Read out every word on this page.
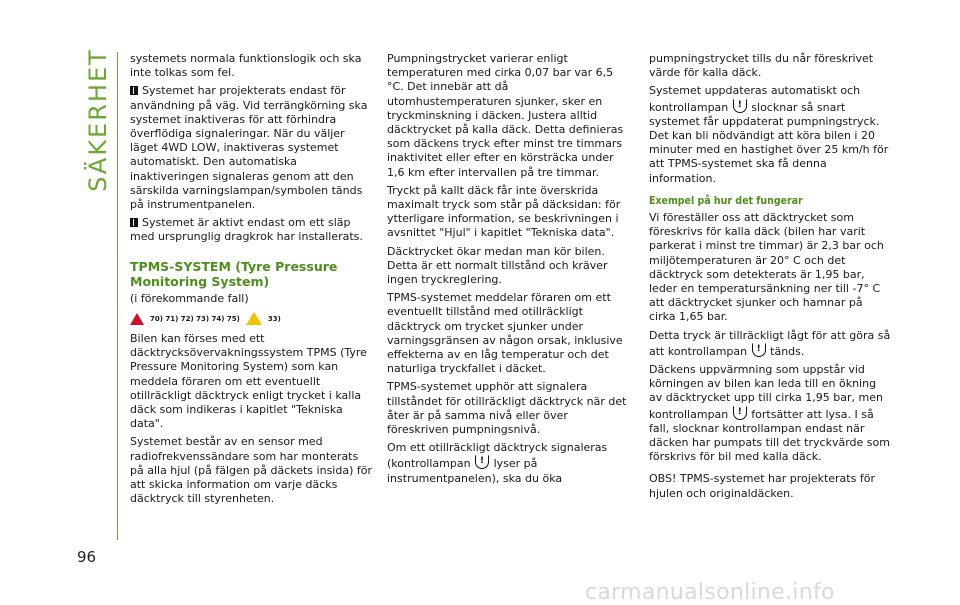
SÄKERHET
96

systemets normala funktionslogik och ska inte tolkas som fel.

Systemet har projekterats endast för användning på väg. Vid terrängkörning ska systemet inaktiveras för att förhindra överflödiga signaleringar. När du väljer läget 4WD LOW, inaktiveras systemet automatiskt. Den automatiska inaktiveringen signaleras genom att den särskilda varningslampan/symbolen tänds på instrumentpanelen.

Systemet är aktivt endast om ett släp med ursprunglig dragkrok har installerats.

TPMS-SYSTEM (Tyre Pressure Monitoring System)

(i förekommande fall)

70) 71) 72) 73) 74) 75)	33)

Bilen kan förses med ett däcktrycksövervakningssystem TPMS (Tyre Pressure Monitoring System) som kan meddela föraren om ett eventuellt otillräckligt däcktryck enligt trycket i kalla däck som indikeras i kapitlet "Tekniska data".

Systemet består av en sensor med radiofrekvenssändare som har monterats på alla hjul (på fälgen på däckets insida) för att skicka information om varje däcks däcktryck till styrenheten.

Pumpningstrycket varierar enligt temperaturen med cirka 0,07 bar var 6,5 °C. Det innebär att då utomhustemperaturen sjunker, sker en tryckminskning i däcken. Justera alltid däcktrycket på kalla däck. Detta definieras som däckens tryck efter minst tre timmars inaktivitet eller efter en körsträcka under 1,6 km efter intervallen på tre timmar.

Tryckt på kallt däck får inte överskrida maximalt tryck som står på däcksidan: för ytterligare information, se beskrivningen i avsnittet "Hjul" i kapitlet "Tekniska data".

Däcktrycket ökar medan man kör bilen. Detta är ett normalt tillstånd och kräver ingen tryckreglering.

TPMS-systemet meddelar föraren om ett eventuellt tillstånd med otillräckligt däcktryck om trycket sjunker under varningsgränsen av någon orsak, inklusive effekterna av en låg temperatur och det naturliga tryckfallet i däcket.

TPMS-systemet upphör att signalera tillståndet för otillräckligt däcktryck när det åter är på samma nivå eller över föreskriven pumpningsnivå.

Om ett otillräckligt däcktryck signaleras (kontrollampan ! lyser på instrumentpanelen), ska du öka

pumpningstrycket tills du når föreskrivet värde för kalla däck.

Systemet uppdateras automatiskt och kontrollampan ! slocknar så snart systemet får uppdaterat pumpningstryck. Det kan bli nödvändigt att köra bilen i 20 minuter med en hastighet över 25 km/h för att TPMS-systemet ska få denna information.

Exempel på hur det fungerar

Vi föreställer oss att däcktrycket som föreskrivs för kalla däck (bilen har varit parkerat i minst tre timmar) är 2,3 bar och miljötemperaturen är 20° C och det däcktryck som detekterats är 1,95 bar, leder en temperatursänkning ner till -7° C att däcktrycket sjunker och hamnar på cirka 1,65 bar.

Detta tryck är tillräckligt lågt för att göra så att kontrollampan ! tänds.

Däckens uppvärmning som uppstår vid körningen av bilen kan leda till en ökning av däcktrycket upp till cirka 1,95 bar, men kontrollampan ! fortsätter att lysa. I så fall, slocknar kontrollampan endast när däcken har pumpats till det tryckvärde som förskrivs för bil med kalla däck.

OBS! TPMS-systemet har projekterats för hjulen och originaldäcken.

carmanualsonline.info
